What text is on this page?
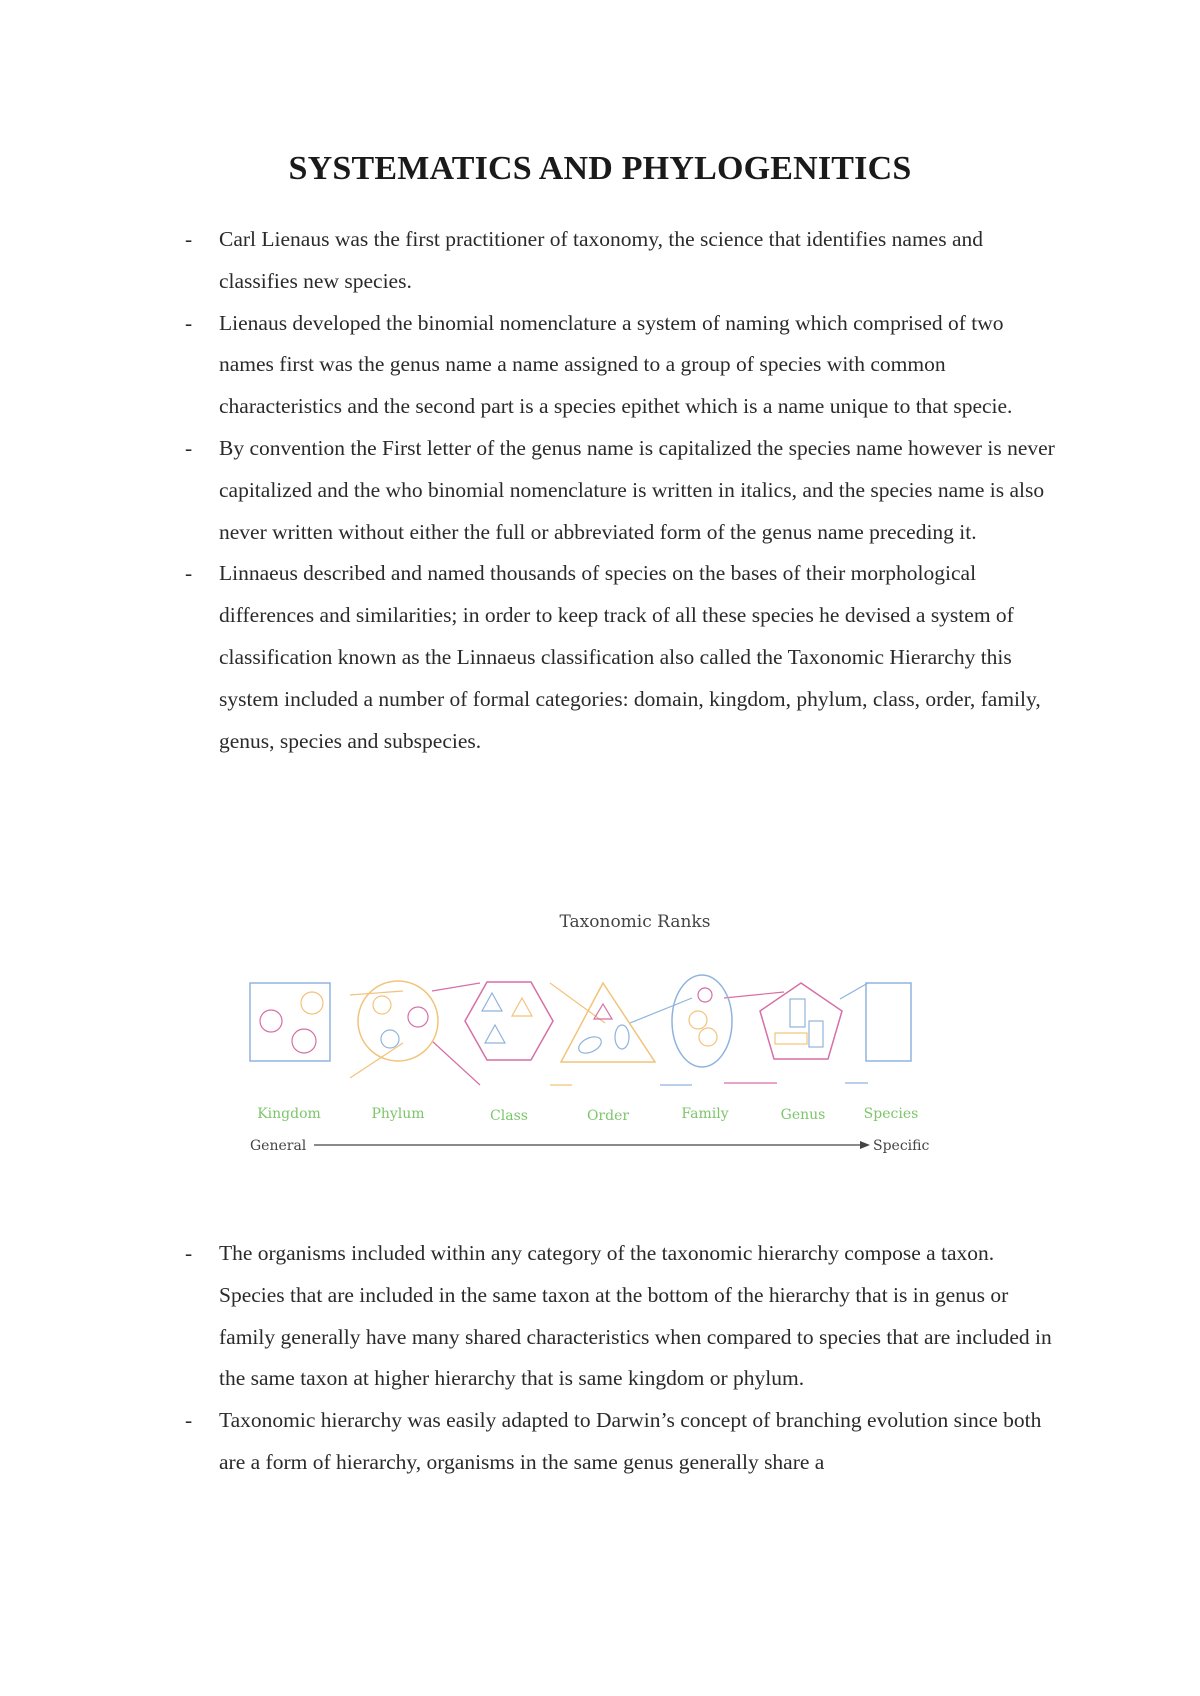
SYSTEMATICS AND PHYLOGENITICS
- Carl Lienaus was the first practitioner of taxonomy, the science that identifies names and classifies new species.
- Lienaus developed the binomial nomenclature a system of naming which comprised of two names first was the genus name a name assigned to a group of species with common characteristics and the second part is a species epithet which is a name unique to that specie.
- By convention the First letter of the genus name is capitalized the species name however is never capitalized and the who binomial nomenclature is written in italics, and the species name is also never written without either the full or abbreviated form of the genus name preceding it.
- Linnaeus described and named thousands of species on the bases of their morphological differences and similarities; in order to keep track of all these species he devised a system of classification known as the Linnaeus classification also called the Taxonomic Hierarchy this system included a number of formal categories: domain, kingdom, phylum, class, order, family, genus, species and subspecies.
Taxonomic Ranks
Kingdom	Phylum	Class	Order	Family	Genus	Species
General	Specific
- The organisms included within any category of the taxonomic hierarchy compose a taxon. Species that are included in the same taxon at the bottom of the hierarchy that is in genus or family generally have many shared characteristics when compared to species that are included in the same taxon at higher hierarchy that is same kingdom or phylum.
- Taxonomic hierarchy was easily adapted to Darwin’s concept of branching evolution since both are a form of hierarchy, organisms in the same genus generally share a
